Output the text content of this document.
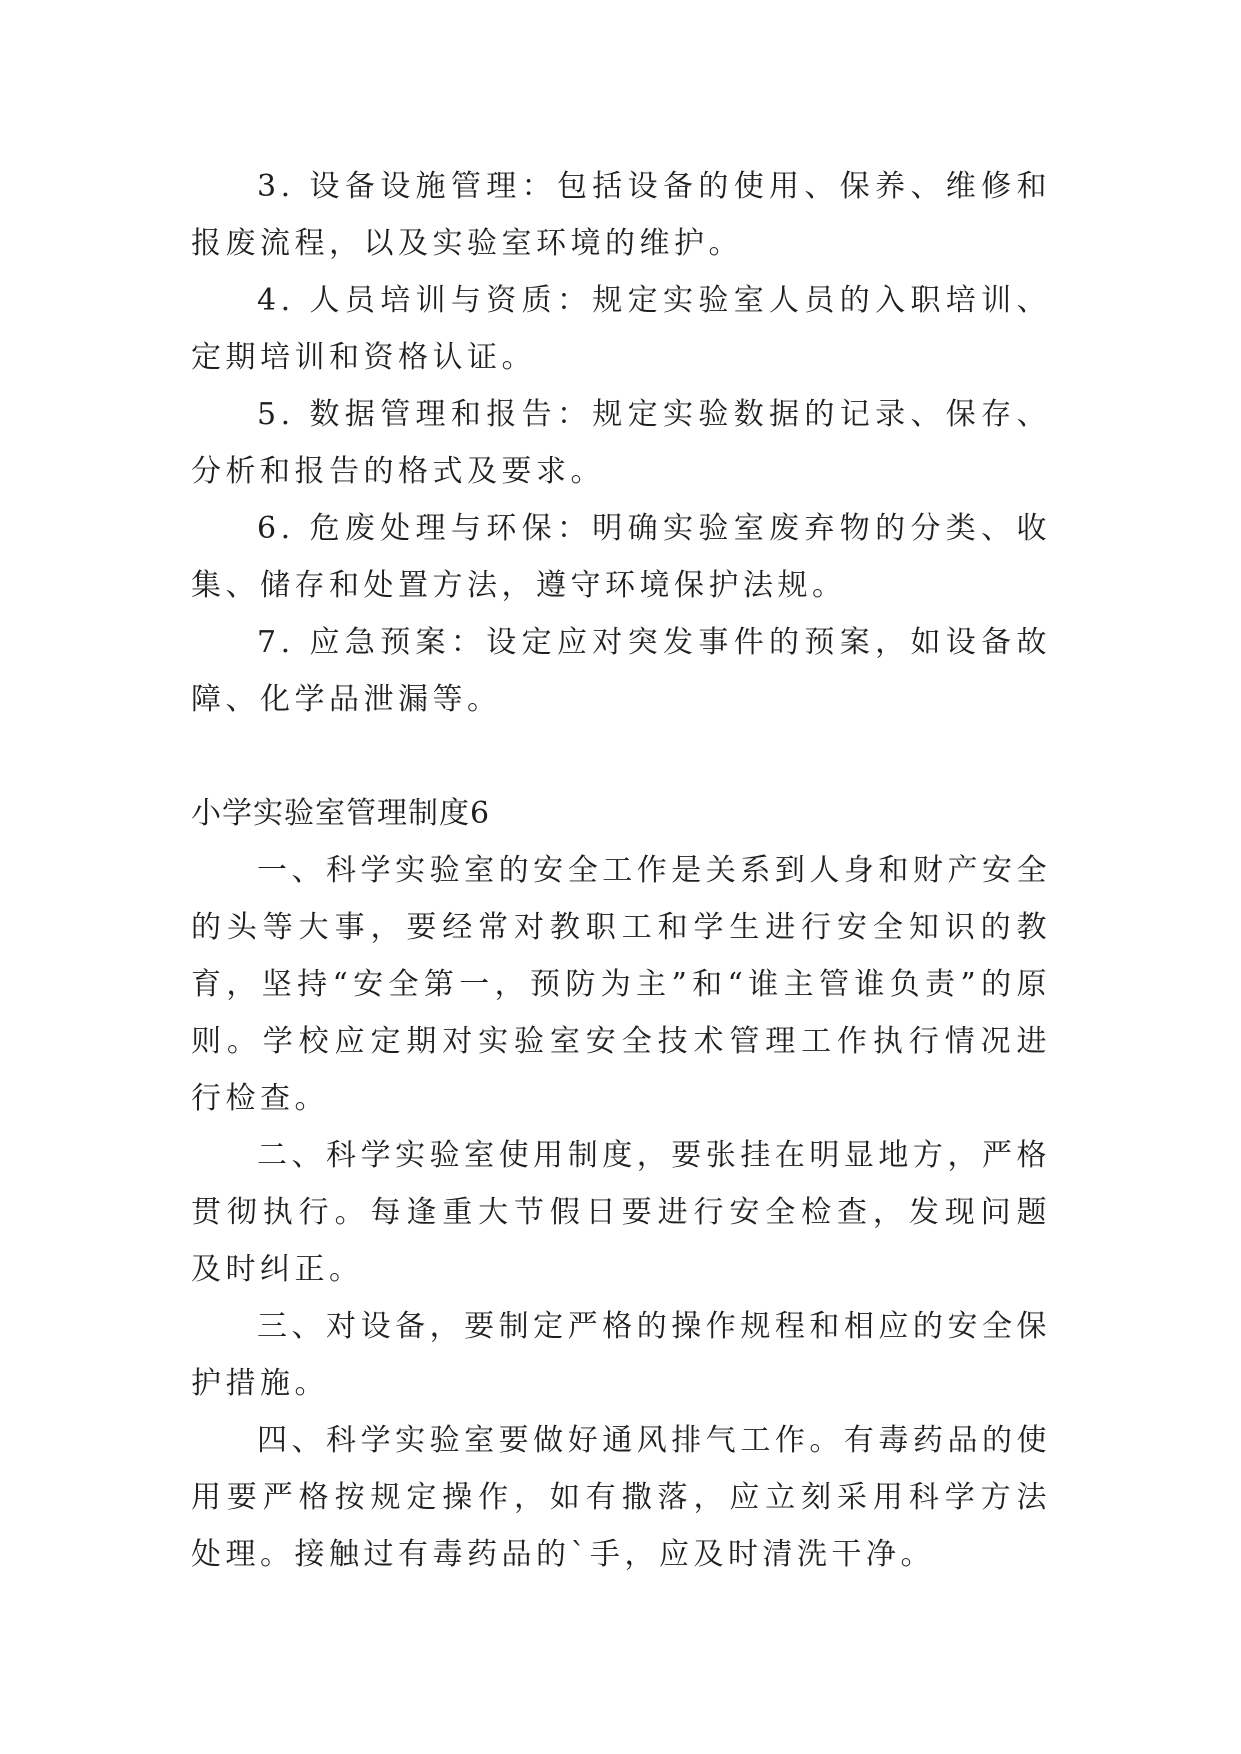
3. 设备设施管理：包括设备的使用、保养、维修和报废流程，以及实验室环境的维护。

4. 人员培训与资质：规定实验室人员的入职培训、定期培训和资格认证。

5. 数据管理和报告：规定实验数据的记录、保存、分析和报告的格式及要求。

6. 危废处理与环保：明确实验室废弃物的分类、收集、储存和处置方法，遵守环境保护法规。

7. 应急预案：设定应对突发事件的预案，如设备故障、化学品泄漏等。

小学实验室管理制度6

一、科学实验室的安全工作是关系到人身和财产安全的头等大事，要经常对教职工和学生进行安全知识的教育，坚持“安全第一，预防为主”和“谁主管谁负责”的原则。学校应定期对实验室安全技术管理工作执行情况进行检查。

二、科学实验室使用制度，要张挂在明显地方，严格贯彻执行。每逢重大节假日要进行安全检查，发现问题及时纠正。

三、对设备，要制定严格的操作规程和相应的安全保护措施。

四、科学实验室要做好通风排气工作。有毒药品的使用要严格按规定操作，如有撒落，应立刻采用科学方法处理。接触过有毒药品的`手，应及时清洗干净。
